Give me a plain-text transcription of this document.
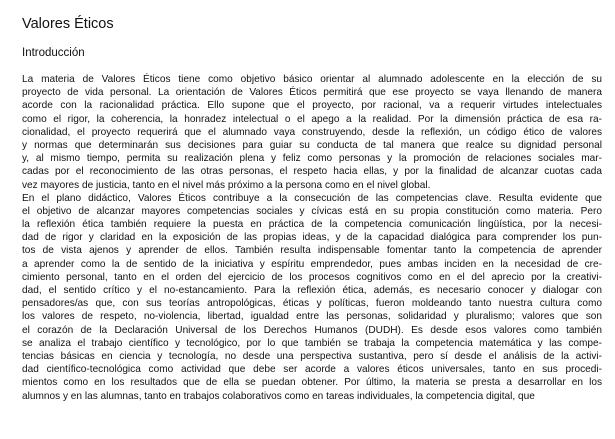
Valores Éticos
Introducción
La materia de Valores Éticos tiene como objetivo básico orientar al alumnado adolescente en la elección de su
proyecto de vida personal. La orientación de Valores Éticos permitirá que ese proyecto se vaya llenando de manera
acorde con la racionalidad práctica. Ello supone que el proyecto, por racional, va a requerir virtudes intelectuales
como el rigor, la coherencia, la honradez intelectual o el apego a la realidad. Por la dimensión práctica de esa ra-
cionalidad, el proyecto requerirá que el alumnado vaya construyendo, desde la reflexión, un código ético de valores
y normas que determinarán sus decisiones para guiar su conducta de tal manera que realce su dignidad personal
y, al mismo tiempo, permita su realización plena y feliz como personas y la promoción de relaciones sociales mar-
cadas por el reconocimiento de las otras personas, el respeto hacia ellas, y por la finalidad de alcanzar cuotas cada
vez mayores de justicia, tanto en el nivel más próximo a la persona como en el nivel global.
En el plano didáctico, Valores Éticos contribuye a la consecución de las competencias clave. Resulta evidente que
el objetivo de alcanzar mayores competencias sociales y cívicas está en su propia constitución como materia. Pero
la reflexión ética también requiere la puesta en práctica de la competencia comunicación lingüística, por la necesi-
dad de rigor y claridad en la exposición de las propias ideas, y de la capacidad dialógica para comprender los pun-
tos de vista ajenos y aprender de ellos. También resulta indispensable fomentar tanto la competencia de aprender
a aprender como la de sentido de la iniciativa y espíritu emprendedor, pues ambas inciden en la necesidad de cre-
cimiento personal, tanto en el orden del ejercicio de los procesos cognitivos como en el del aprecio por la creativi-
dad, el sentido crítico y el no-estancamiento. Para la reflexión ética, además, es necesario conocer y dialogar con
pensadores/as que, con sus teorías antropológicas, éticas y políticas, fueron moldeando tanto nuestra cultura como
los valores de respeto, no-violencia, libertad, igualdad entre las personas, solidaridad y pluralismo; valores que son
el corazón de la Declaración Universal de los Derechos Humanos (DUDH). Es desde esos valores como también
se analiza el trabajo científico y tecnológico, por lo que también se trabaja la competencia matemática y las compe-
tencias básicas en ciencia y tecnología, no desde una perspectiva sustantiva, pero sí desde el análisis de la activi-
dad científico-tecnológica como actividad que debe ser acorde a valores éticos universales, tanto en sus procedi-
mientos como en los resultados que de ella se puedan obtener. Por último, la materia se presta a desarrollar en los
alumnos y en las alumnas, tanto en trabajos colaborativos como en tareas individuales, la competencia digital, que
